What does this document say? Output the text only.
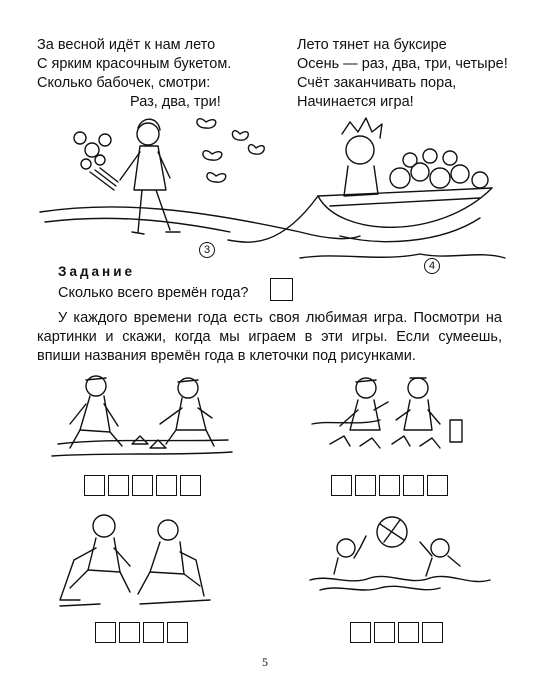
За весной идёт к нам лето
С ярким красочным букетом.
Сколько бабочек, смотри:
Раз, два, три!
Лето тянет на буксире
Осень — раз, два, три, четыре!
Счёт заканчивать пора,
Начинается игра!
3
4
Задание
Сколько всего времён года?
У каждого времени года есть своя любимая игра. Посмотри на картинки и скажи, когда мы играем в эти игры. Если сумеешь, впиши названия времён года в клеточки под рисунками.
5
